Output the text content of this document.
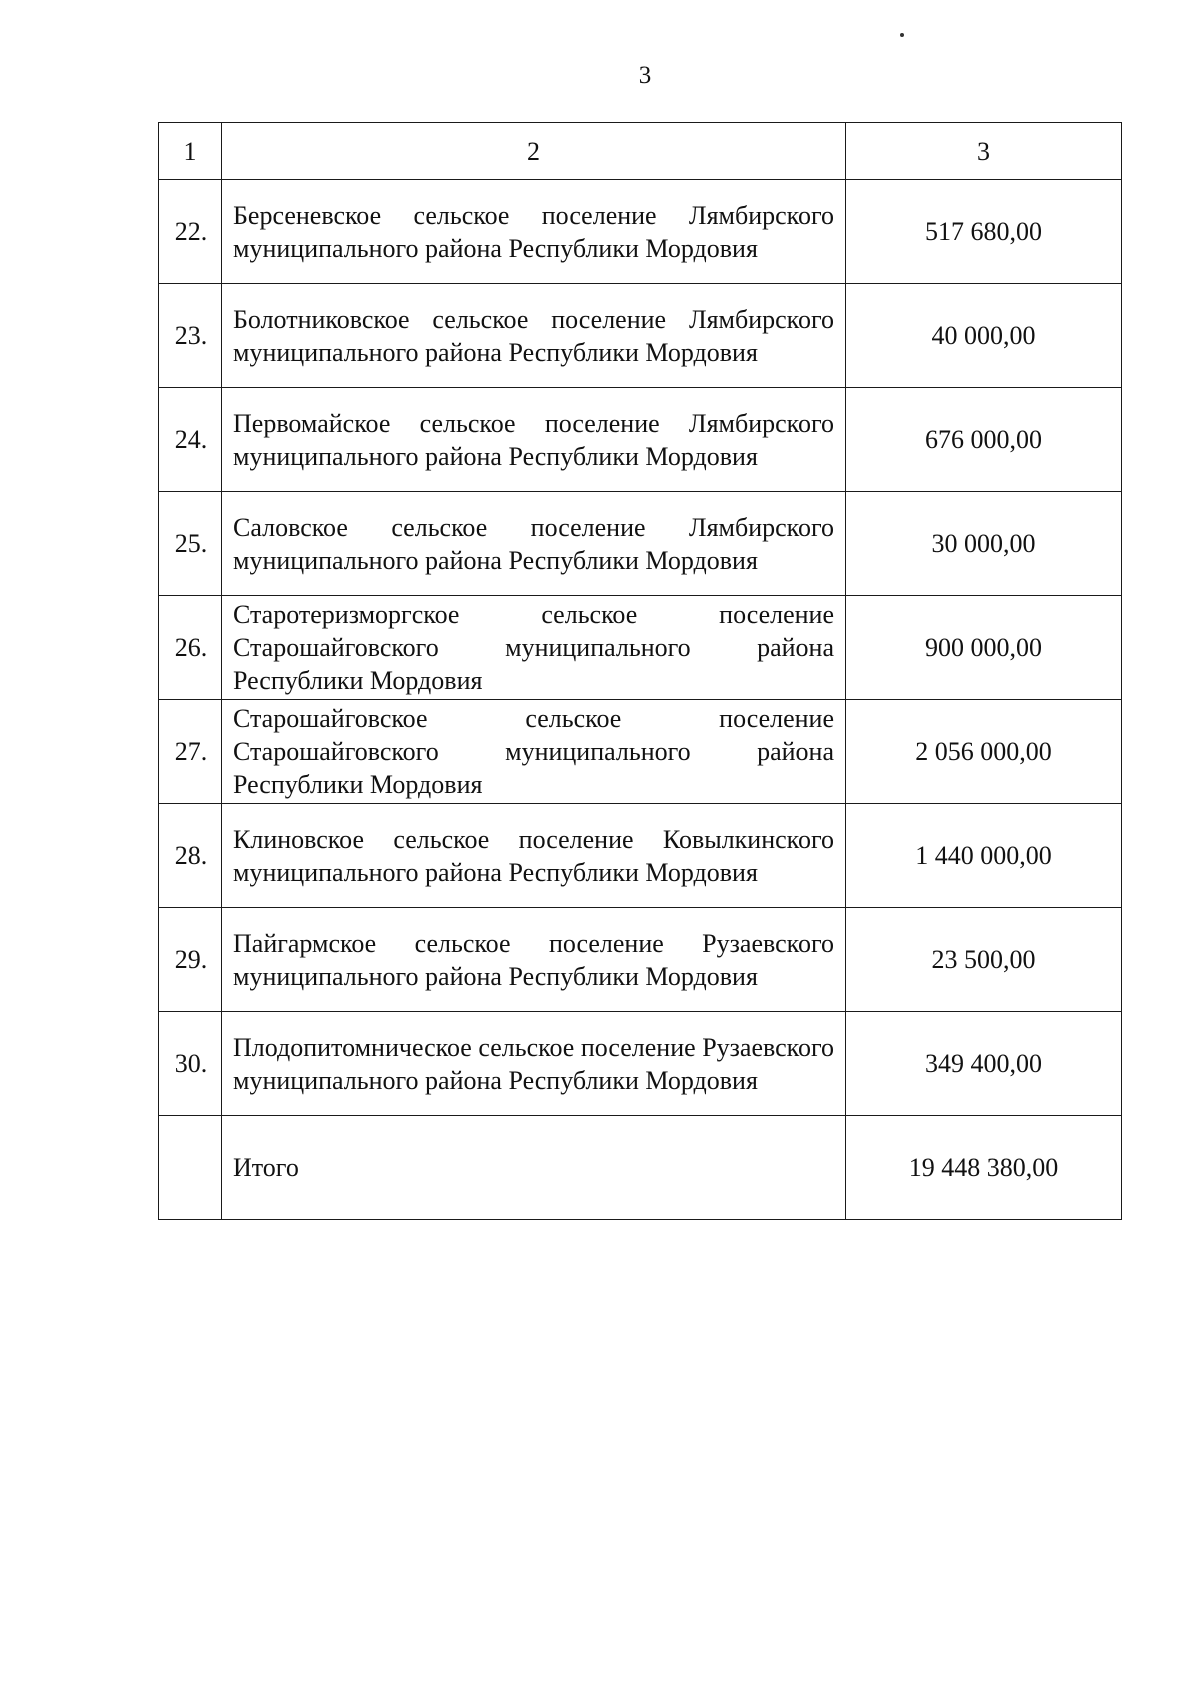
3
1	2	3
22.	Берсеневское сельское поселение Лямбирского муниципального района Республики Мордовия	517 680,00
23.	Болотниковское сельское поселение Лямбирского муниципального района Республики Мордовия	40 000,00
24.	Первомайское сельское поселение Лямбирского муниципального района Республики Мордовия	676 000,00
25.	Саловское сельское поселение Лямбирского муниципального района Республики Мордовия	30 000,00
26.	Старотеризморгское сельское поселение Старошайговского муниципального района Республики Мордовия	900 000,00
27.	Старошайговское сельское поселение Старошайговского муниципального района Республики Мордовия	2 056 000,00
28.	Клиновское сельское поселение Ковылкинского муниципального района Республики Мордовия	1 440 000,00
29.	Пайгармское сельское поселение Рузаевского муниципального района Республики Мордовия	23 500,00
30.	Плодопитомническое сельское поселение Рузаевского муниципального района Республики Мордовия	349 400,00
	Итого	19 448 380,00
